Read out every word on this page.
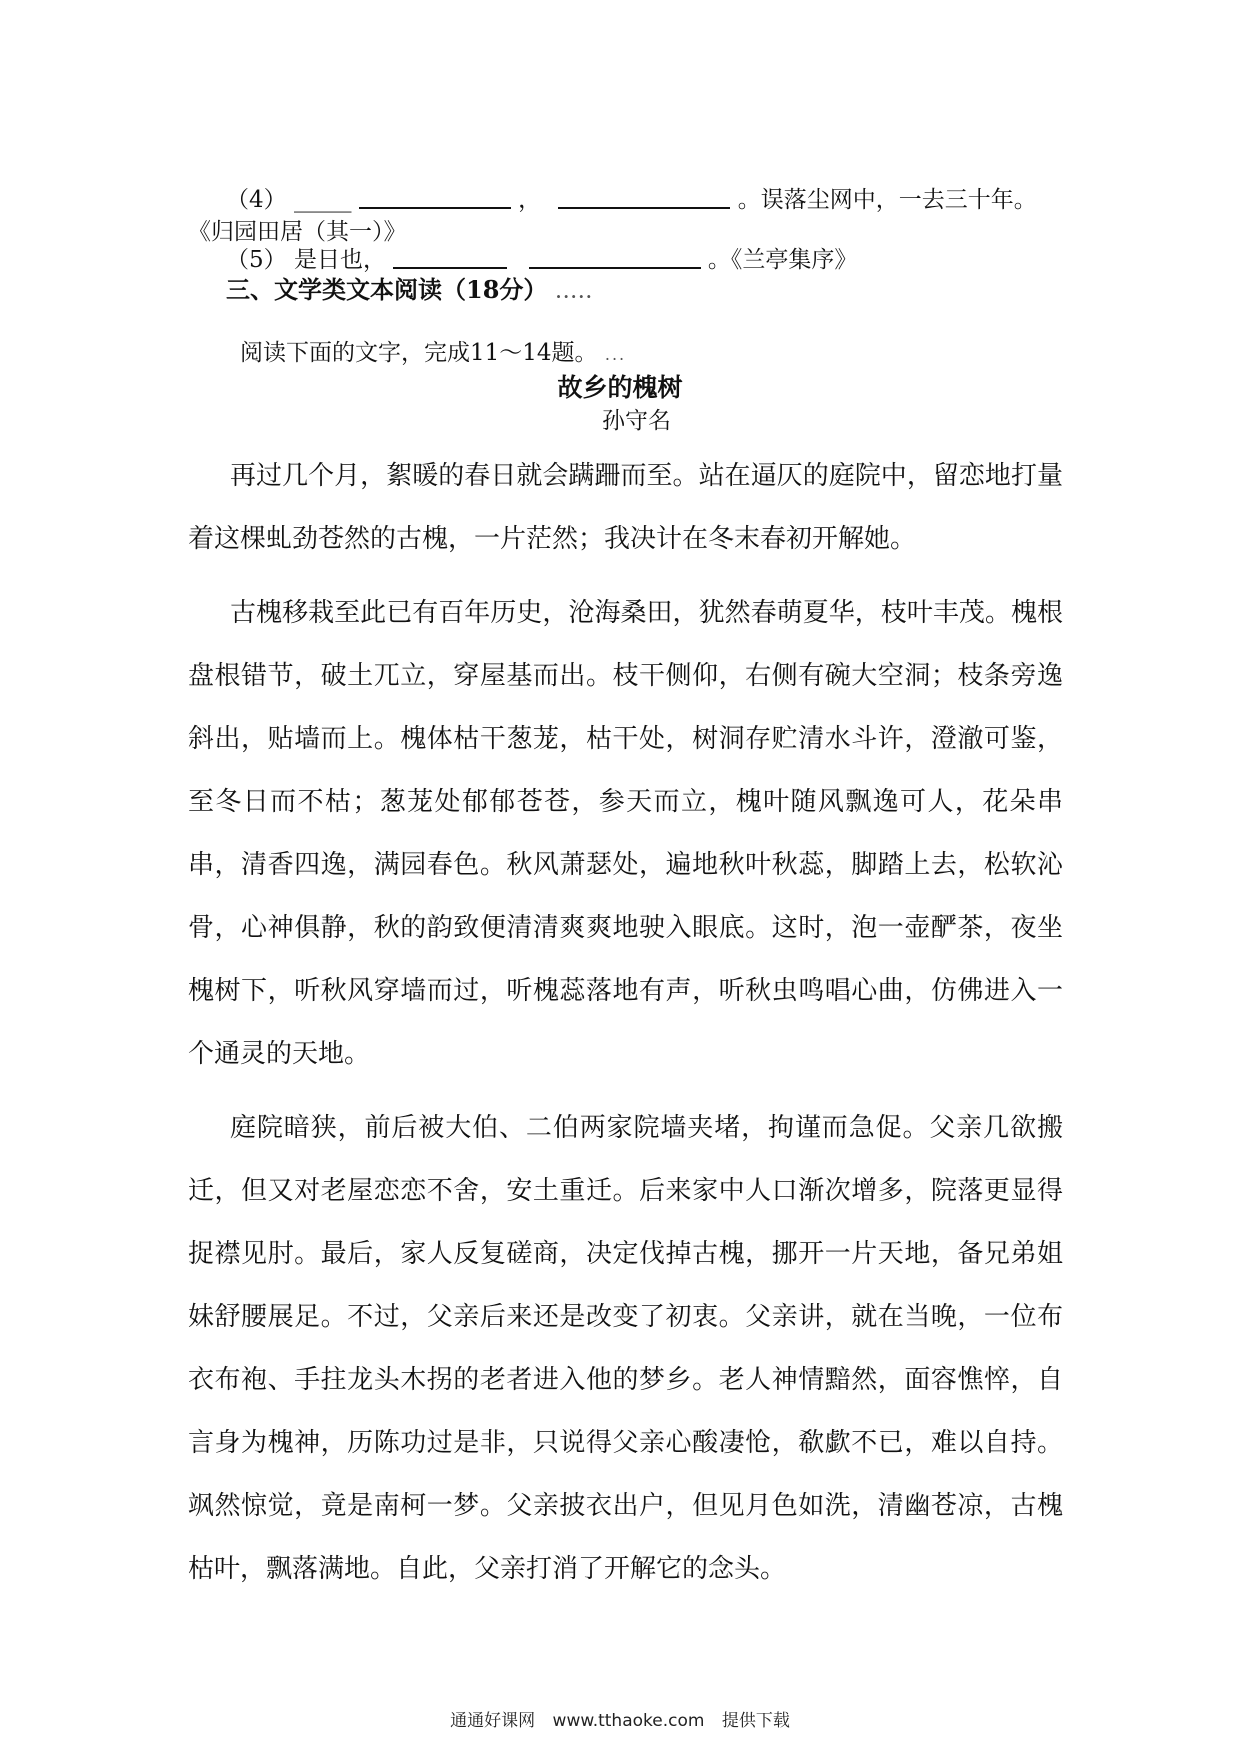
（4） _____	，	。误落尘网中，一去三十年。
《归园田居（其一）》
（5） 是日也，	。《兰亭集序》
三、文学类文本阅读（18分） .....
阅读下面的文字，完成11～14题。 ...
故乡的槐树
孙守名

再过几个月，絮暖的春日就会蹒跚而至。站在逼仄的庭院中，留恋地打量着这棵虬劲苍然的古槐，一片茫然；我决计在冬末春初开解她。

古槐移栽至此已有百年历史，沧海桑田，犹然春萌夏华，枝叶丰茂。槐根盘根错节，破土兀立，穿屋基而出。枝干侧仰，右侧有碗大空洞；枝条旁逸斜出，贴墙而上。槐体枯干葱茏，枯干处，树洞存贮清水斗许，澄澈可鉴，至冬日而不枯；葱茏处郁郁苍苍，参天而立，槐叶随风飘逸可人，花朵串串，清香四逸，满园春色。秋风萧瑟处，遍地秋叶秋蕊，脚踏上去，松软沁骨，心神俱静，秋的韵致便清清爽爽地驶入眼底。这时，泡一壶酽茶，夜坐槐树下，听秋风穿墙而过，听槐蕊落地有声，听秋虫鸣唱心曲，仿佛进入一个通灵的天地。

庭院暗狭，前后被大伯、二伯两家院墙夹堵，拘谨而急促。父亲几欲搬迁，但又对老屋恋恋不舍，安土重迁。后来家中人口渐次增多，院落更显得捉襟见肘。最后，家人反复磋商，决定伐掉古槐，挪开一片天地，备兄弟姐妹舒腰展足。不过，父亲后来还是改变了初衷。父亲讲，就在当晚，一位布衣布袍、手拄龙头木拐的老者进入他的梦乡。老人神情黯然，面容憔悴，自言身为槐神，历陈功过是非，只说得父亲心酸凄怆，欷歔不已，难以自持。飒然惊觉，竟是南柯一梦。父亲披衣出户，但见月色如洗，清幽苍凉，古槐枯叶，飘落满地。自此，父亲打消了开解它的念头。

通通好课网 www.tthaoke.com 提供下载
